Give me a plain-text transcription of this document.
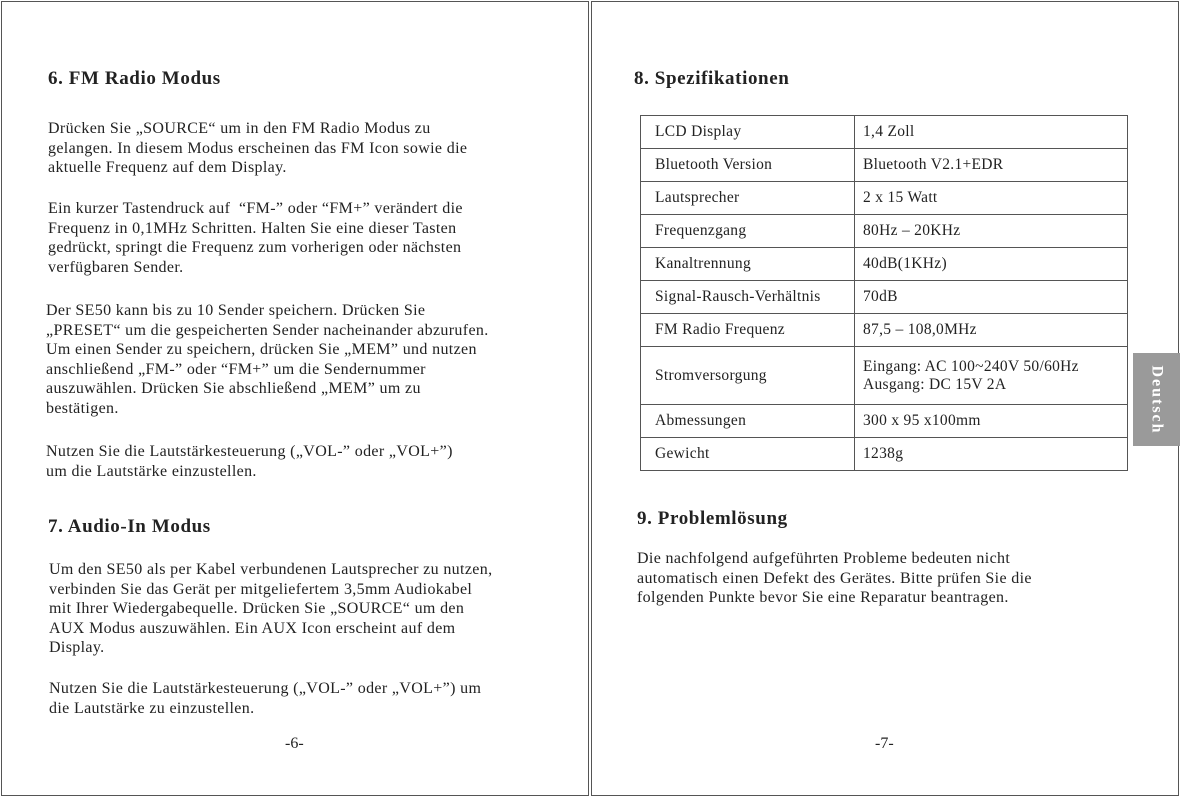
6. FM Radio Modus

Drücken Sie „SOURCE“ um in den FM Radio Modus zu
gelangen. In diesem Modus erscheinen das FM Icon sowie die
aktuelle Frequenz auf dem Display.

Ein kurzer Tastendruck auf  “FM-” oder “FM+” verändert die
Frequenz in 0,1MHz Schritten. Halten Sie eine dieser Tasten
gedrückt, springt die Frequenz zum vorherigen oder nächsten
verfügbaren Sender.

Der SE50 kann bis zu 10 Sender speichern. Drücken Sie
„PRESET“ um die gespeicherten Sender nacheinander abzurufen.
Um einen Sender zu speichern, drücken Sie „MEM” und nutzen
anschließend „FM-” oder “FM+” um die Sendernummer
auszuwählen. Drücken Sie abschließend „MEM” um zu
bestätigen.

Nutzen Sie die Lautstärkesteuerung („VOL-” oder „VOL+”)
um die Lautstärke einzustellen.

7. Audio-In Modus

Um den SE50 als per Kabel verbundenen Lautsprecher zu nutzen,
verbinden Sie das Gerät per mitgeliefertem 3,5mm Audiokabel
mit Ihrer Wiedergabequelle. Drücken Sie „SOURCE“ um den
AUX Modus auszuwählen. Ein AUX Icon erscheint auf dem
Display.

Nutzen Sie die Lautstärkesteuerung („VOL-” oder „VOL+”) um
die Lautstärke zu einzustellen.

-6-
8. Spezifikationen
LCD Display	1,4 Zoll

Bluetooth Version	Bluetooth V2.1+EDR

Lautsprecher	2 x 15 Watt

Frequenzgang	80Hz – 20KHz

Kanaltrennung	40dB(1KHz)

Signal-Rausch-Verhältnis	70dB

FM Radio Frequenz	87,5 – 108,0MHz

Stromversorgung	Eingang: AC 100~240V 50/60Hz
Ausgang: DC 15V 2A

Abmessungen	300 x 95 x100mm

Gewicht	1238g
9. Problemlösung

Die nachfolgend aufgeführten Probleme bedeuten nicht
automatisch einen Defekt des Gerätes. Bitte prüfen Sie die
folgenden Punkte bevor Sie eine Reparatur beantragen.

-7-
Deutsch
